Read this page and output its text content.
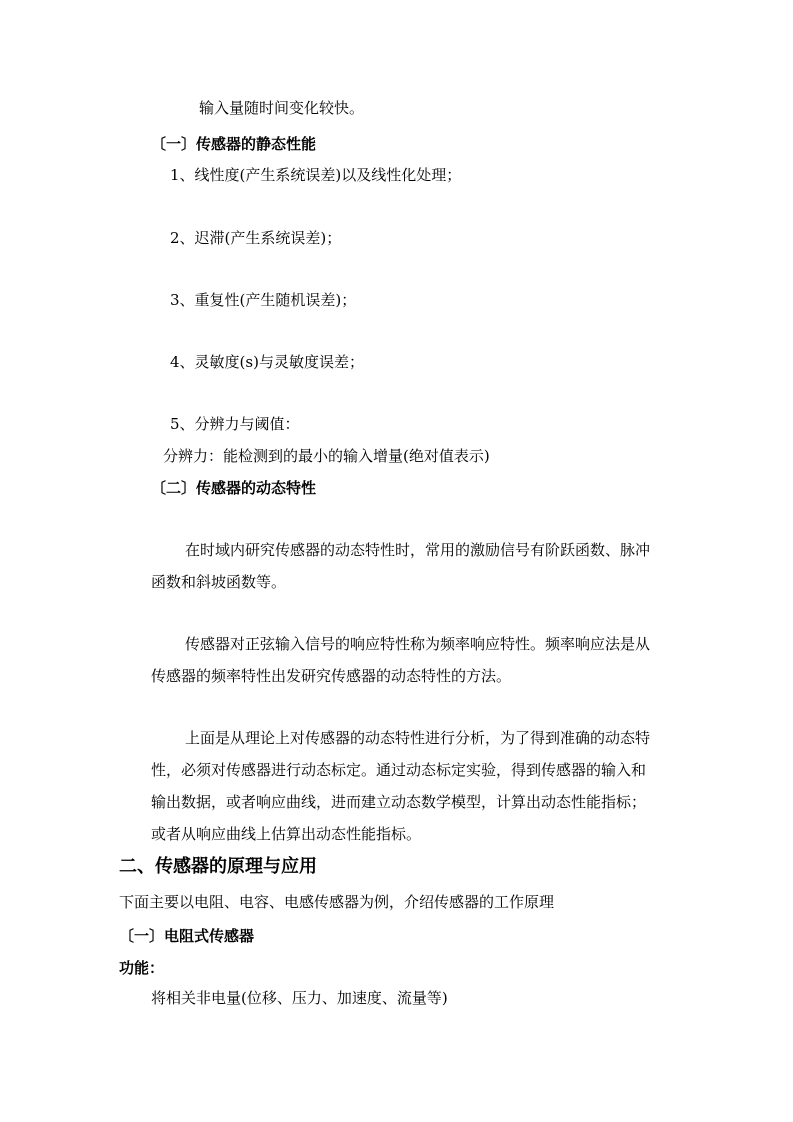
输入量随时间变化较快。
〔一〕传感器的静态性能
1、线性度(产生系统误差)以及线性化处理；
2、迟滞(产生系统误差)；
3、重复性(产生随机误差)；
4、灵敏度(s)与灵敏度误差；
5、分辨力与阈值：
分辨力：能检测到的最小的输入增量(绝对值表示)
〔二〕传感器的动态特性
在时域内研究传感器的动态特性时，常用的激励信号有阶跃函数、脉冲
函数和斜坡函数等。
传感器对正弦输入信号的响应特性称为频率响应特性。频率响应法是从
传感器的频率特性出发研究传感器的动态特性的方法。
上面是从理论上对传感器的动态特性进行分析，为了得到准确的动态特
性，必须对传感器进行动态标定。通过动态标定实验，得到传感器的输入和
输出数据，或者响应曲线，进而建立动态数学模型，计算出动态性能指标；
或者从响应曲线上估算出动态性能指标。
二、传感器的原理与应用
下面主要以电阻、电容、电感传感器为例，介绍传感器的工作原理
〔一〕电阻式传感器
功能：
将相关非电量(位移、压力、加速度、流量等)
